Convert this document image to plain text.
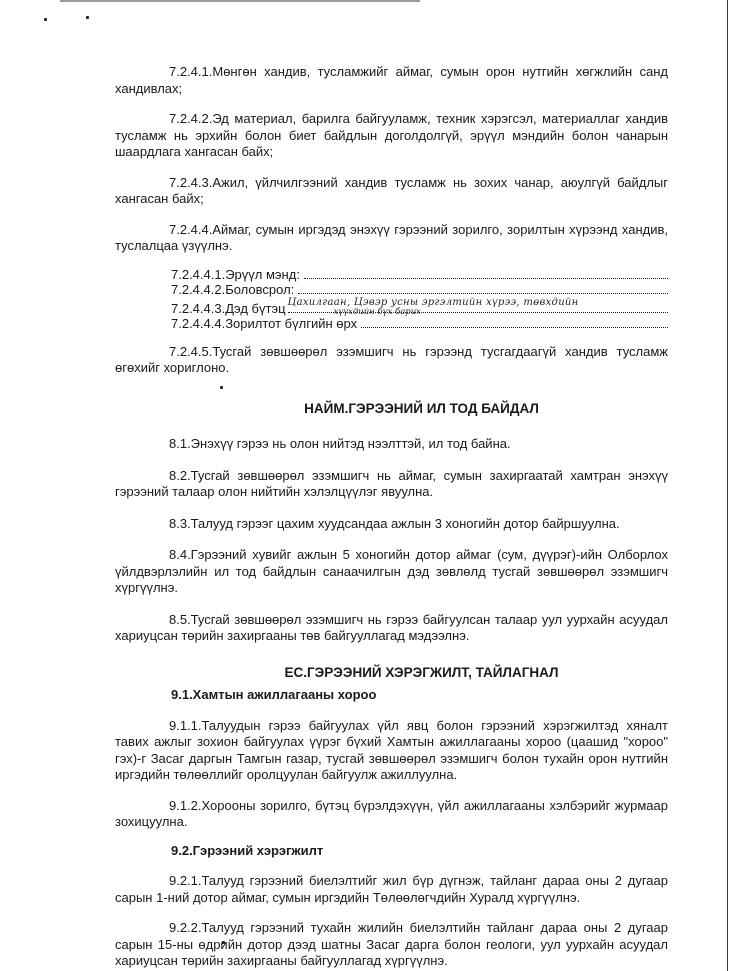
7.2.4.1.Мөнгөн хандив, тусламжийг аймаг, сумын орон нутгийн хөгжлийн санд хандивлах;

7.2.4.2.Эд материал, барилга байгууламж, техник хэрэгсэл, материаллаг хандив тусламж нь эрхийн болон биет байдлын доголдолгүй, эрүүл мэндийн болон чанарын шаардлага хангасан байх;

7.2.4.3.Ажил, үйлчилгээний хандив тусламж нь зохих чанар, аюулгүй байдлыг хангасан байх;

7.2.4.4.Аймаг, сумын иргэдэд энэхүү гэрээний зорилго, зорилтын хүрээнд хандив, туслалцаа үзүүлнэ.

7.2.4.4.1.Эрүүл мэнд:
7.2.4.4.2.Боловсрол:
7.2.4.4.3.Дэд бүтэц Цахилгаан, Цэвэр усны эргэлтийн хүрээ, төвхдийн
хүүхдийн бүх барих
7.2.4.4.4.Зорилтот бүлгийн өрх

7.2.4.5.Тусгай зөвшөөрөл эзэмшигч нь гэрээнд тусгагдаагүй хандив тусламж өгөхийг хориглоно.

НАЙМ.ГЭРЭЭНИЙ ИЛ ТОД БАЙДАЛ

8.1.Энэхүү гэрээ нь олон нийтэд нээлттэй, ил тод байна.

8.2.Тусгай зөвшөөрөл эзэмшигч нь аймаг, сумын захиргаатай хамтран энэхүү гэрээний талаар олон нийтийн хэлэлцүүлэг явуулна.

8.3.Талууд гэрээг цахим хуудсандаа ажлын 3 хоногийн дотор байршуулна.

8.4.Гэрээний хувийг ажлын 5 хоногийн дотор аймаг (сум, дүүрэг)-ийн Олборлох үйлдвэрлэлийн ил тод байдлын санаачилгын дэд зөвлөлд тусгай зөвшөөрөл эзэмшигч хүргүүлнэ.

8.5.Тусгай зөвшөөрөл эзэмшигч нь гэрээ байгуулсан талаар уул уурхайн асуудал хариуцсан төрийн захиргааны төв байгууллагад мэдээлнэ.

ЕС.ГЭРЭЭНИЙ ХЭРЭГЖИЛТ, ТАЙЛАГНАЛ

9.1.Хамтын ажиллагааны хороо

9.1.1.Талуудын гэрээ байгуулах үйл явц болон гэрээний хэрэгжилтэд хяналт тавих ажлыг зохион байгуулах үүрэг бүхий Хамтын ажиллагааны хороо (цаашид "хороо" гэх)-г Засаг даргын Тамгын газар, тусгай зөвшөөрөл эзэмшигч болон тухайн орон нутгийн иргэдийн төлөөллийг оролцуулан байгуулж ажиллуулна.

9.1.2.Хорооны зорилго, бүтэц бүрэлдэхүүн, үйл ажиллагааны хэлбэрийг журмаар зохицуулна.

9.2.Гэрээний хэрэгжилт

9.2.1.Талууд гэрээний биелэлтийг жил бүр дүгнэж, тайланг дараа оны 2 дугаар сарын 1-ний дотор аймаг, сумын иргэдийн Төлөөлөгчдийн Хуралд хүргүүлнэ.

9.2.2.Талууд гэрээний тухайн жилийн биелэлтийн тайланг дараа оны 2 дугаар сарын 15-ны өдрийн дотор дээд шатны Засаг дарга болон геологи, уул уурхайн асуудал хариуцсан төрийн захиргааны байгууллагад хүргүүлнэ.
